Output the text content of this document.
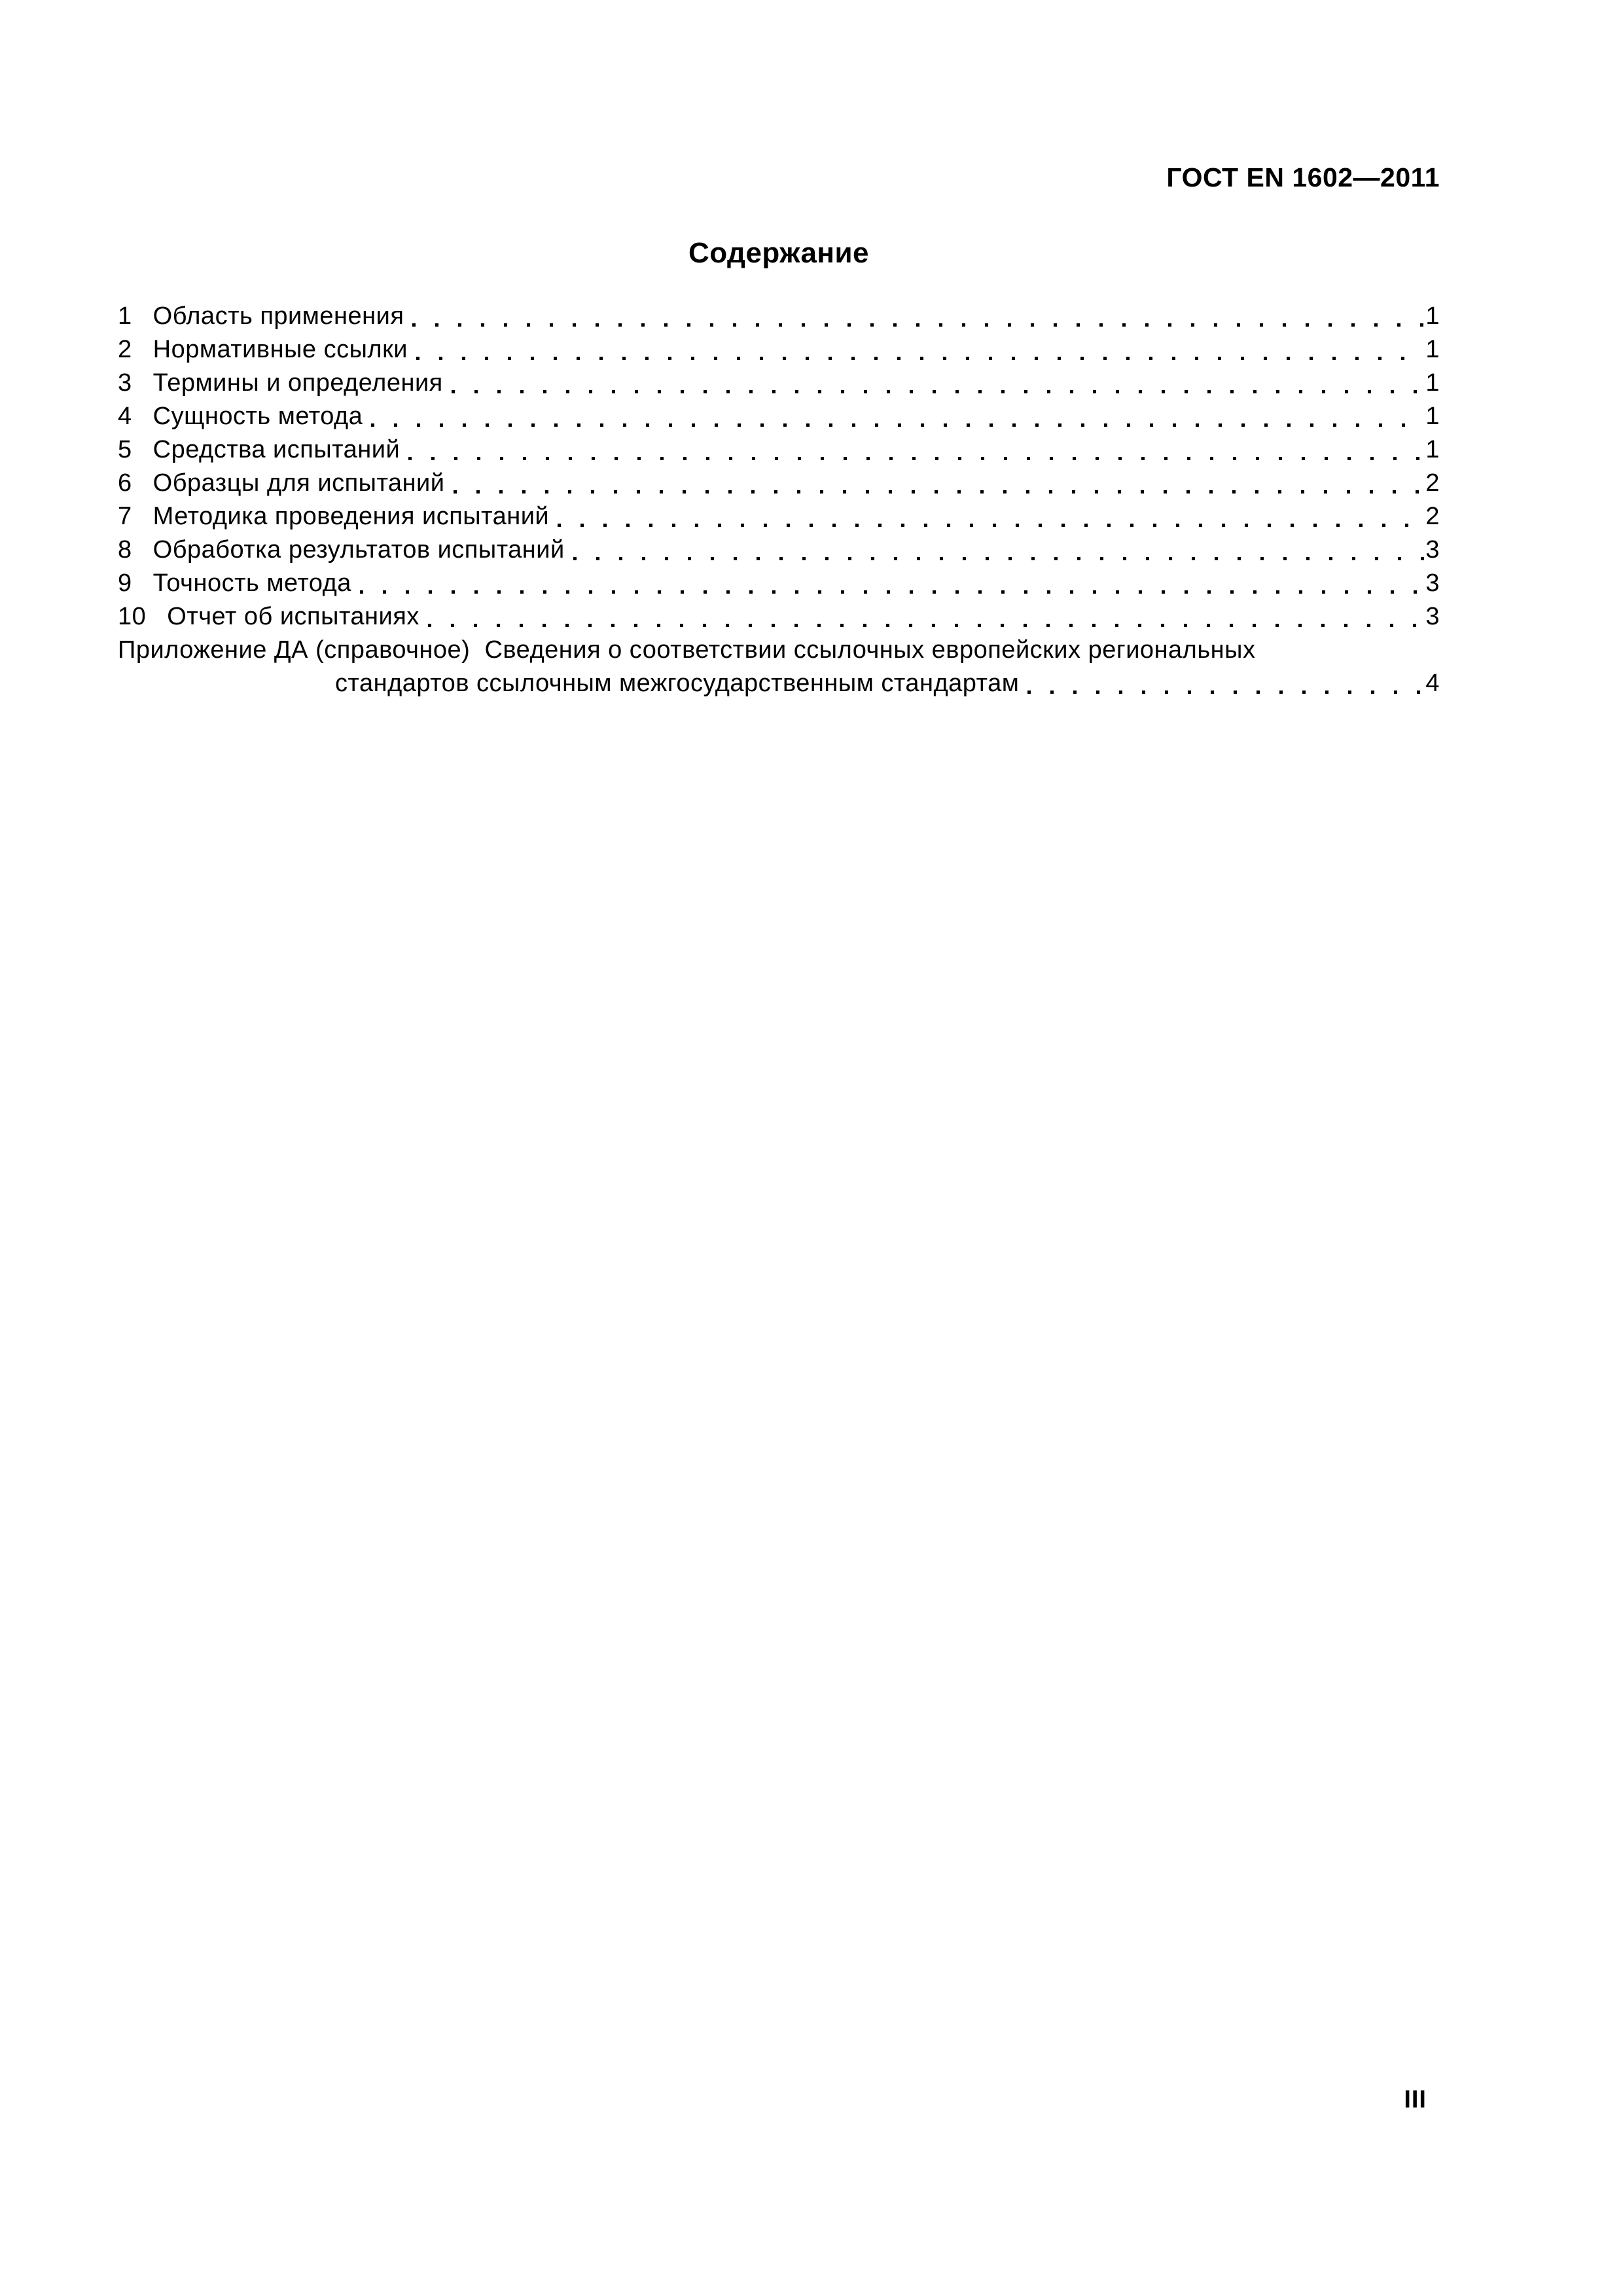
ГОСТ EN 1602—2011
Содержание
1 Область применения	1
2 Нормативные ссылки	1
3 Термины и определения	1
4 Сущность метода	1
5 Средства испытаний	1
6 Образцы для испытаний	2
7 Методика проведения испытаний	2
8 Обработка результатов испытаний	3
9 Точность метода	3
10 Отчет об испытаниях	3
Приложение ДА (справочное)  Сведения о соответствии ссылочных европейских региональных
стандартов ссылочным межгосударственным стандартам	4
III
